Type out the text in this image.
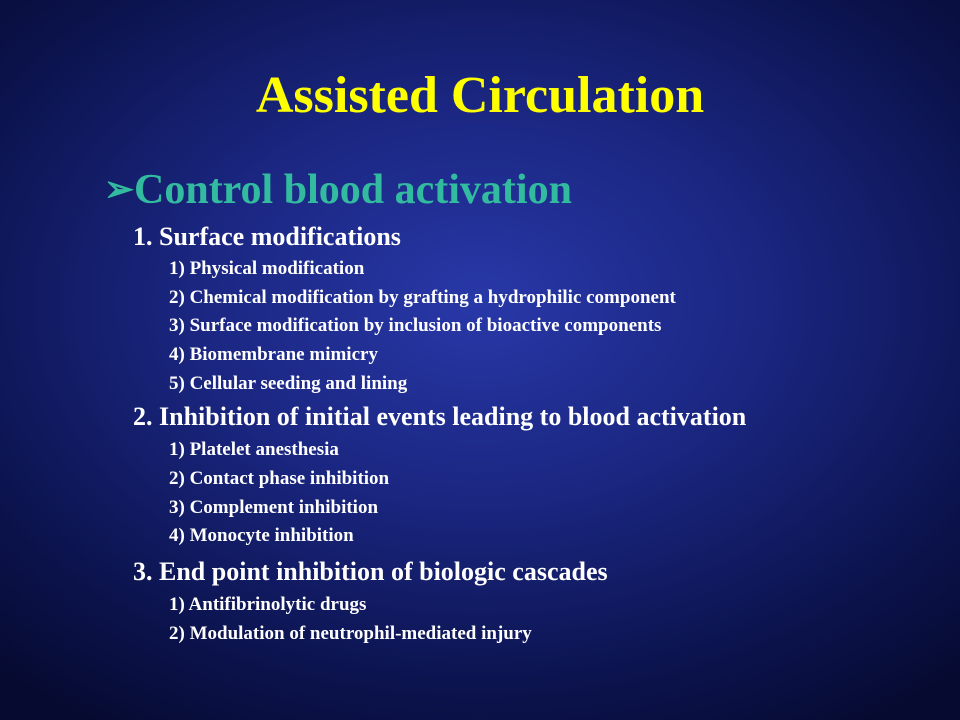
Assisted Circulation
➢Control blood activation
1. Surface modifications
1) Physical modification
2) Chemical modification by grafting a hydrophilic component
3) Surface modification by inclusion of bioactive components
4) Biomembrane mimicry
5) Cellular seeding and lining
2. Inhibition of initial events leading to blood activation
1) Platelet anesthesia
2) Contact phase inhibition
3) Complement inhibition
4) Monocyte inhibition
3. End point inhibition of biologic cascades
1) Antifibrinolytic drugs
2) Modulation of neutrophil-mediated injury
